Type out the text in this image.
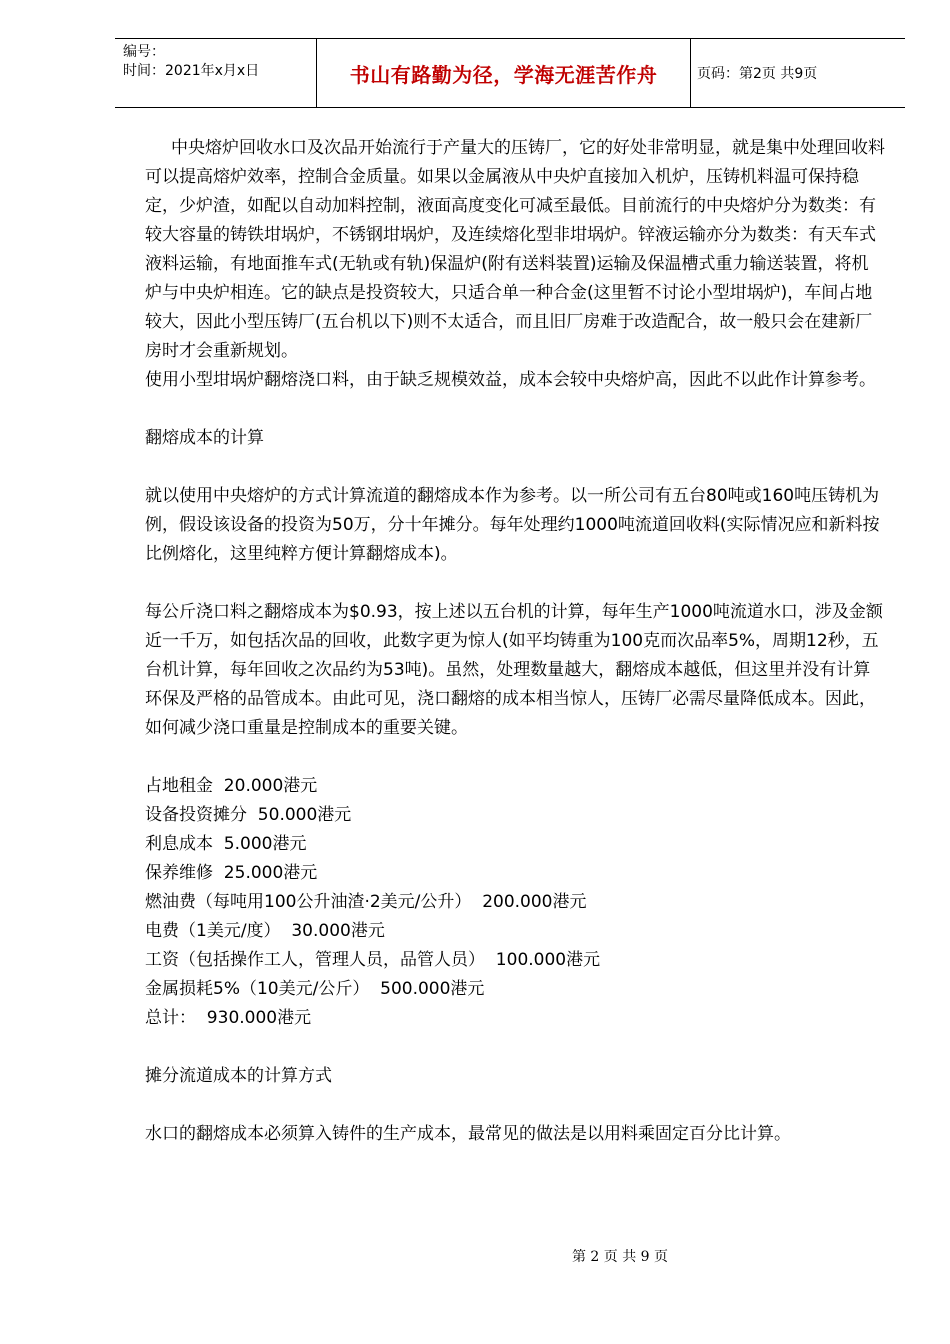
编号：
时间：2021年x月x日	书山有路勤为径，学海无涯苦作舟	页码：第2页 共9页

中央熔炉回收水口及次品开始流行于产量大的压铸厂，它的好处非常明显，就是集中处理回收料可以提高熔炉效率，控制合金质量。如果以金属液从中央炉直接加入机炉，压铸机料温可保持稳定，少炉渣，如配以自动加料控制，液面高度变化可减至最低。目前流行的中央熔炉分为数类：有较大容量的铸铁坩埚炉，不锈钢坩埚炉，及连续熔化型非坩埚炉。锌液运输亦分为数类：有天车式液料运输，有地面推车式(无轨或有轨)保温炉(附有送料装置)运输及保温槽式重力输送装置，将机炉与中央炉相连。它的缺点是投资较大，只适合单一种合金(这里暂不讨论小型坩埚炉)，车间占地较大，因此小型压铸厂(五台机以下)则不太适合，而且旧厂房难于改造配合，故一般只会在建新厂房时才会重新规划。

使用小型坩埚炉翻熔浇口料，由于缺乏规模效益，成本会较中央熔炉高，因此不以此作计算参考。

翻熔成本的计算

就以使用中央熔炉的方式计算流道的翻熔成本作为参考。以一所公司有五台80吨或160吨压铸机为例，假设该设备的投资为50万，分十年摊分。每年处理约1000吨流道回收料(实际情况应和新料按比例熔化，这里纯粹方便计算翻熔成本)。

每公斤浇口料之翻熔成本为$0.93，按上述以五台机的计算，每年生产1000吨流道水口，涉及金额近一千万，如包括次品的回收，此数字更为惊人(如平均铸重为100克而次品率5%，周期12秒，五台机计算，每年回收之次品约为53吨)。虽然，处理数量越大，翻熔成本越低，但这里并没有计算环保及严格的品管成本。由此可见，浇口翻熔的成本相当惊人，压铸厂必需尽量降低成本。因此，如何减少浇口重量是控制成本的重要关键。

占地租金  20.000港元

设备投资摊分  50.000港元

利息成本  5.000港元

保养维修  25.000港元

燃油费（每吨用100公升油渣·2美元/公升）  200.000港元

电费（1美元/度）  30.000港元

工资（包括操作工人，管理人员，品管人员）  100.000港元

金属损耗5%（10美元/公斤）  500.000港元

总计：  930.000港元

摊分流道成本的计算方式

水口的翻熔成本必须算入铸件的生产成本，最常见的做法是以用料乘固定百分比计算。

第 2 页 共 9 页
